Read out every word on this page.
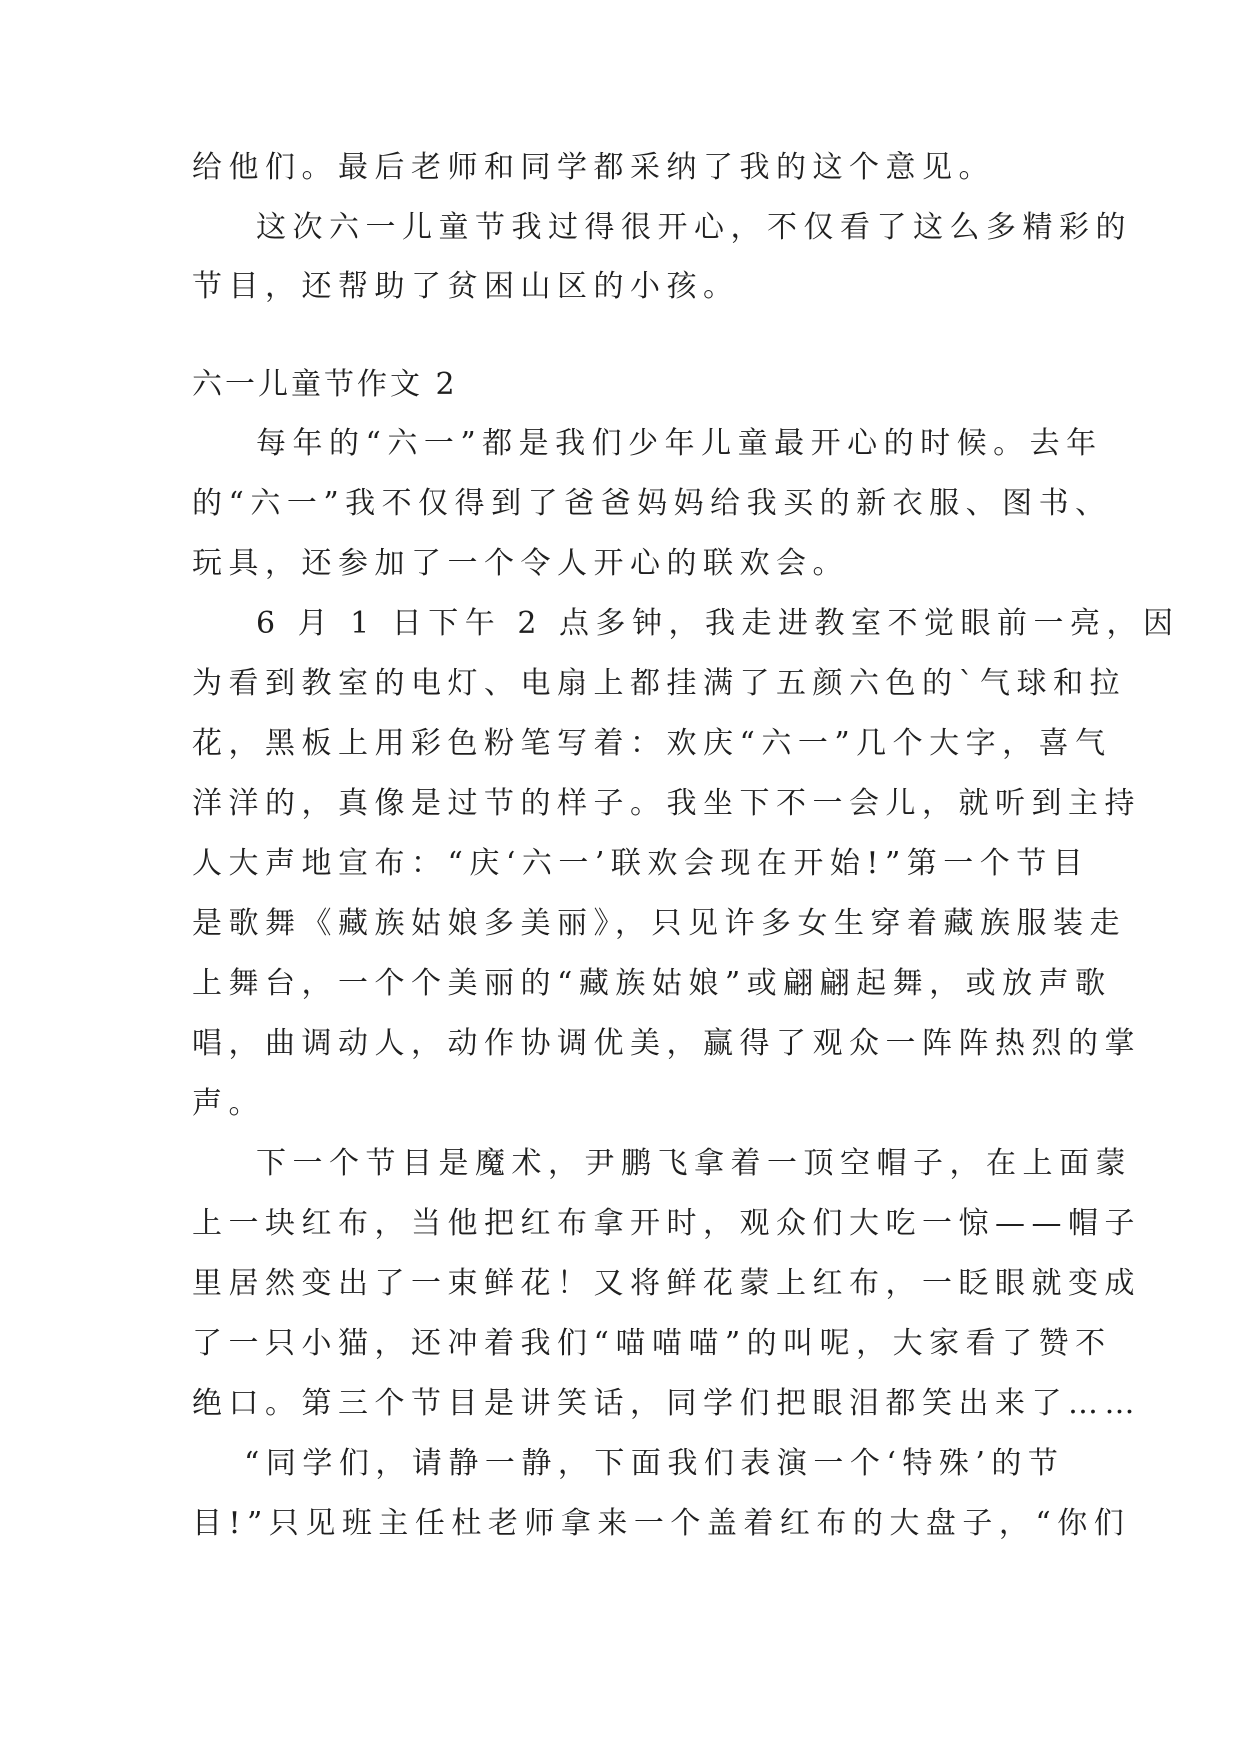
给他们。最后老师和同学都采纳了我的这个意见。
这次六一儿童节我过得很开心，不仅看了这么多精彩的
节目，还帮助了贫困山区的小孩。
六一儿童节作文 2
每年的“六一”都是我们少年儿童最开心的时候。去年
的“六一”我不仅得到了爸爸妈妈给我买的新衣服、图书、
玩具，还参加了一个令人开心的联欢会。
6 月 1 日下午 2 点多钟，我走进教室不觉眼前一亮，因
为看到教室的电灯、电扇上都挂满了五颜六色的`气球和拉
花，黑板上用彩色粉笔写着：欢庆“六一”几个大字，喜气
洋洋的，真像是过节的样子。我坐下不一会儿，就听到主持
人大声地宣布：“庆‘六一’联欢会现在开始!”第一个节目
是歌舞《藏族姑娘多美丽》，只见许多女生穿着藏族服装走
上舞台，一个个美丽的“藏族姑娘”或翩翩起舞，或放声歌
唱，曲调动人，动作协调优美，赢得了观众一阵阵热烈的掌
声。
下一个节目是魔术，尹鹏飞拿着一顶空帽子，在上面蒙
上一块红布，当他把红布拿开时，观众们大吃一惊——帽子
里居然变出了一束鲜花！又将鲜花蒙上红布，一眨眼就变成
了一只小猫，还冲着我们“喵喵喵”的叫呢，大家看了赞不
绝口。第三个节目是讲笑话，同学们把眼泪都笑出来了……
“同学们，请静一静，下面我们表演一个‘特殊’的节
目!”只见班主任杜老师拿来一个盖着红布的大盘子，“你们
